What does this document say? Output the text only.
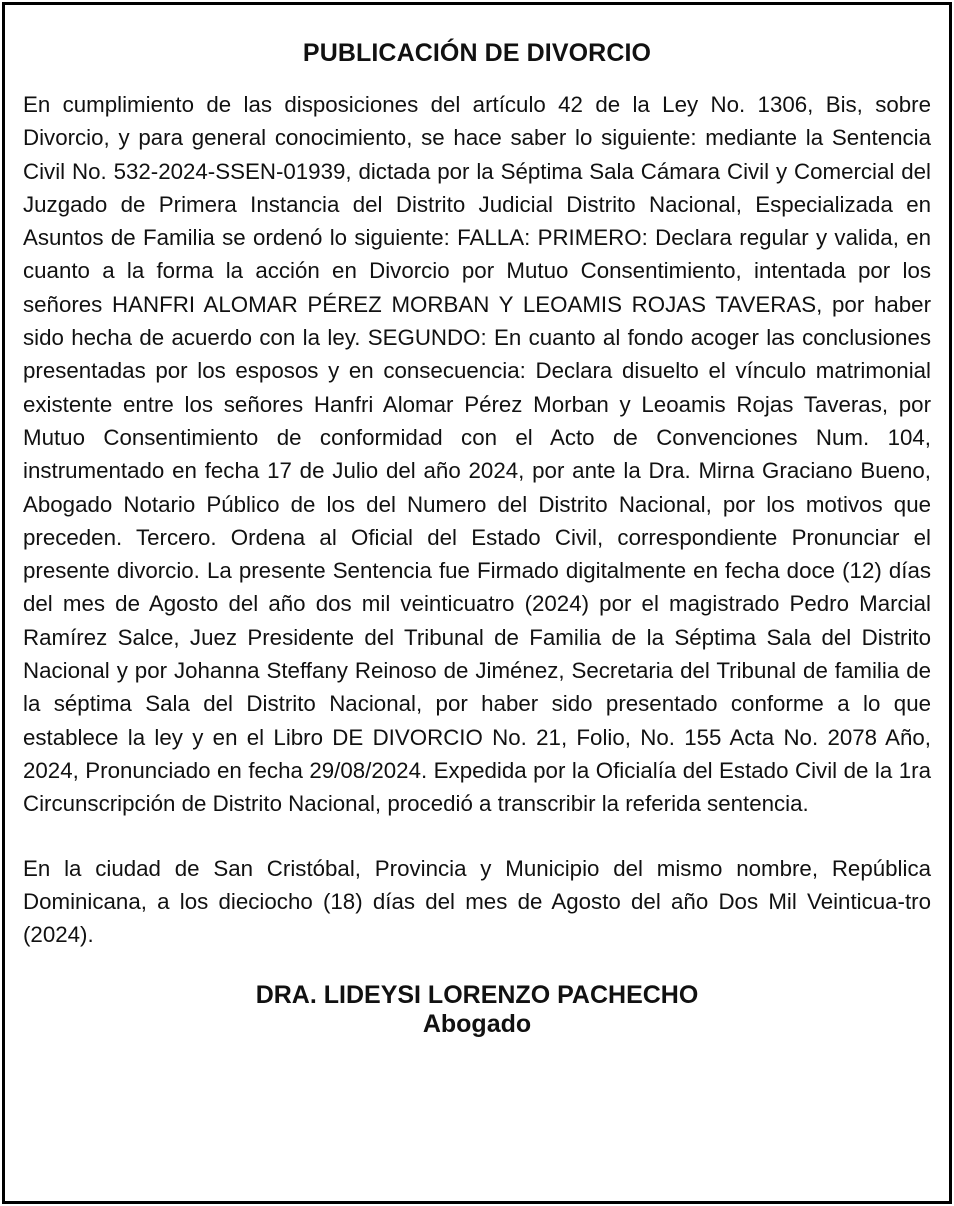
PUBLICACIÓN DE DIVORCIO

En cumplimiento de las disposiciones del artículo 42 de la Ley No. 1306, Bis, sobre Divorcio, y para general conocimiento, se hace saber lo siguiente: mediante la Sentencia Civil No. 532-2024-SSEN-01939, dictada por la Séptima Sala Cámara Civil y Comercial del Juzgado de Primera Instancia del Distrito Judicial Distrito Nacional, Especializada en Asuntos de Familia se ordenó lo siguiente: FALLA: PRIMERO: Declara regular y valida, en cuanto a la forma la acción en Divorcio por Mutuo Consentimiento, intentada por los señores HANFRI ALOMAR PÉREZ MORBAN Y LEOAMIS ROJAS TAVERAS, por haber sido hecha de acuerdo con la ley. SEGUNDO: En cuanto al fondo acoger las conclusiones presentadas por los esposos y en consecuencia: Declara disuelto el vínculo matrimonial existente entre los señores Hanfri Alomar Pérez Morban y Leoamis Rojas Taveras, por Mutuo Consentimiento de conformidad con el Acto de Convenciones Num. 104, instrumentado en fecha 17 de Julio del año 2024, por ante la Dra. Mirna Graciano Bueno, Abogado Notario Público de los del Numero del Distrito Nacional, por los motivos que preceden. Tercero. Ordena al Oficial del Estado Civil, correspondiente Pronunciar el presente divorcio. La presente Sentencia fue Firmado digitalmente en fecha doce (12) días del mes de Agosto del año dos mil veinticuatro (2024) por el magistrado Pedro Marcial Ramírez Salce, Juez Presidente del Tribunal de Familia de la Séptima Sala del Distrito Nacional y por Johanna Steffany Reinoso de Jiménez, Secretaria del Tribunal de familia de la séptima Sala del Distrito Nacional, por haber sido presentado conforme a lo que establece la ley y en el Libro DE DIVORCIO No. 21, Folio, No. 155 Acta No. 2078 Año, 2024, Pronunciado en fecha 29/08/2024. Expedida por la Oficialía del Estado Civil de la 1ra Circunscripción de Distrito Nacional, procedió a transcribir la referida sentencia.

En la ciudad de San Cristóbal, Provincia y Municipio del mismo nombre, República Dominicana, a los dieciocho (18) días del mes de Agosto del año Dos Mil Veinticua-tro (2024).

DRA. LIDEYSI LORENZO PACHECHO
Abogado
